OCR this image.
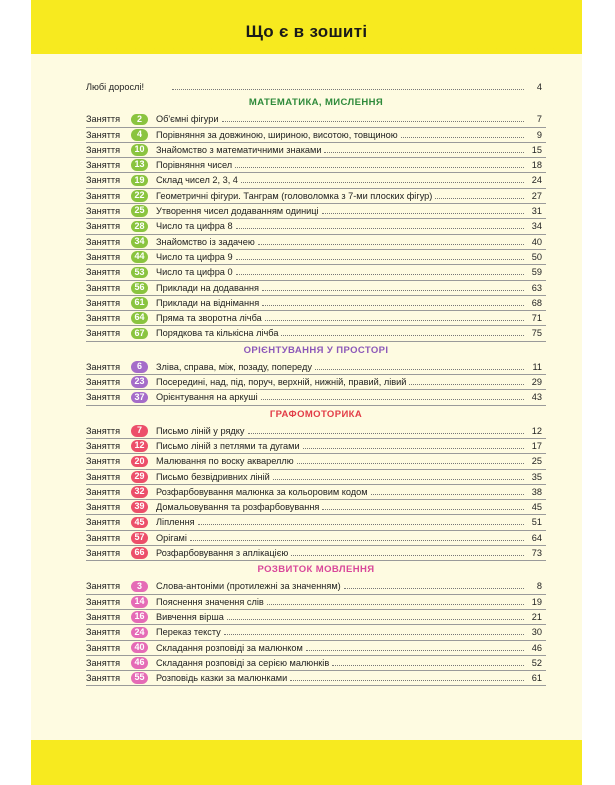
Що є в зошиті
Любі дорослі!	4
МАТЕМАТИКА, МИСЛЕННЯ
Заняття	2	Об'ємні фігури	7
Заняття	4	Порівняння за довжиною, шириною, висотою, товщиною	9
Заняття	10	Знайомство з математичними знаками	15
Заняття	13	Порівняння чисел	18
Заняття	19	Склад чисел 2, 3, 4	24
Заняття	22	Геометричні фігури. Танграм (головоломка з 7-ми плоских фігур)	27
Заняття	25	Утворення чисел додаванням одиниці	31
Заняття	28	Число та цифра 8	34
Заняття	34	Знайомство із задачею	40
Заняття	44	Число та цифра 9	50
Заняття	53	Число та цифра 0	59
Заняття	56	Приклади на додавання	63
Заняття	61	Приклади на віднімання	68
Заняття	64	Пряма та зворотна лічба	71
Заняття	67	Порядкова та кількісна лічба	75
ОРІЄНТУВАННЯ У ПРОСТОРІ
Заняття	6	Зліва, справа, між, позаду, попереду	11
Заняття	23	Посередині, над, під, поруч, верхній, нижній, правий, лівий	29
Заняття	37	Орієнтування на аркуші	43
ГРАФОМОТОРИКА
Заняття	7	Письмо ліній у рядку	12
Заняття	12	Письмо ліній з петлями та дугами	17
Заняття	20	Малювання по воску аквареллю	25
Заняття	29	Письмо безвідривних ліній	35
Заняття	32	Розфарбовування малюнка за кольоровим кодом	38
Заняття	39	Домальовування та розфарбовування	45
Заняття	45	Ліплення	51
Заняття	57	Орігамі	64
Заняття	66	Розфарбовування з аплікацією	73
РОЗВИТОК МОВЛЕННЯ
Заняття	3	Слова-антоніми (протилежні за значенням)	8
Заняття	14	Пояснення значення слів	19
Заняття	16	Вивчення вірша	21
Заняття	24	Переказ тексту	30
Заняття	40	Складання розповіді за малюнком	46
Заняття	46	Складання розповіді за серією малюнків	52
Заняття	55	Розповідь казки за малюнками	61
